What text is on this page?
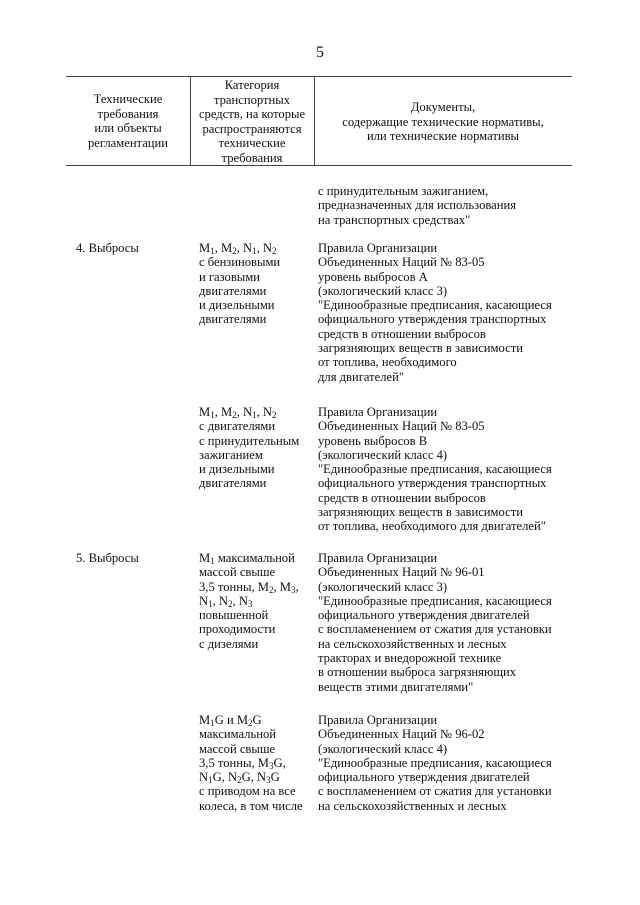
5
Технические
требования
или объекты
регламентации
Категория
транспортных
средств, на которые
распространяются
технические
требования
Документы,
содержащие технические нормативы,
или технические нормативы
с принудительным зажиганием,
предназначенных для использования
на транспортных средствах"
4. Выбросы	$M_1$, $M_2$, $N_1$, $N_2$
с бензиновыми
и газовыми
двигателями
и дизельными
двигателями
Правила Организации
Объединенных Наций № 83-05
уровень выбросов А
(экологический класс 3)
"Единообразные предписания, касающиеся
официального утверждения транспортных
средств в отношении выбросов
загрязняющих веществ в зависимости
от топлива, необходимого
для двигателей"
$M_1$, $M_2$, $N_1$, $N_2$
с двигателями
с принудительным
зажиганием
и дизельными
двигателями
Правила Организации
Объединенных Наций № 83-05
уровень выбросов В
(экологический класс 4)
"Единообразные предписания, касающиеся
официального утверждения транспортных
средств в отношении выбросов
загрязняющих веществ в зависимости
от топлива, необходимого для двигателей"
5. Выбросы	$M_1$ максимальной
массой свыше
3,5 тонны, $M_2$, $M_3$,
$N_1$, $N_2$, $N_3$
повышенной
проходимости
с дизелями
Правила Организации
Объединенных Наций № 96-01
(экологический класс 3)
"Единообразные предписания, касающиеся
официального утверждения двигателей
с воспламенением от сжатия для установки
на сельскохозяйственных и лесных
тракторах и внедорожной технике
в отношении выброса загрязняющих
веществ этими двигателями"
$M_1G$ и $M_2G$
максимальной
массой свыше
3,5 тонны, $M_3G$,
$N_1G$, $N_2G$, $N_3G$
с приводом на все
колеса, в том числе
Правила Организации
Объединенных Наций № 96-02
(экологический класс 4)
"Единообразные предписания, касающиеся
официального утверждения двигателей
с воспламенением от сжатия для установки
на сельскохозяйственных и лесных
